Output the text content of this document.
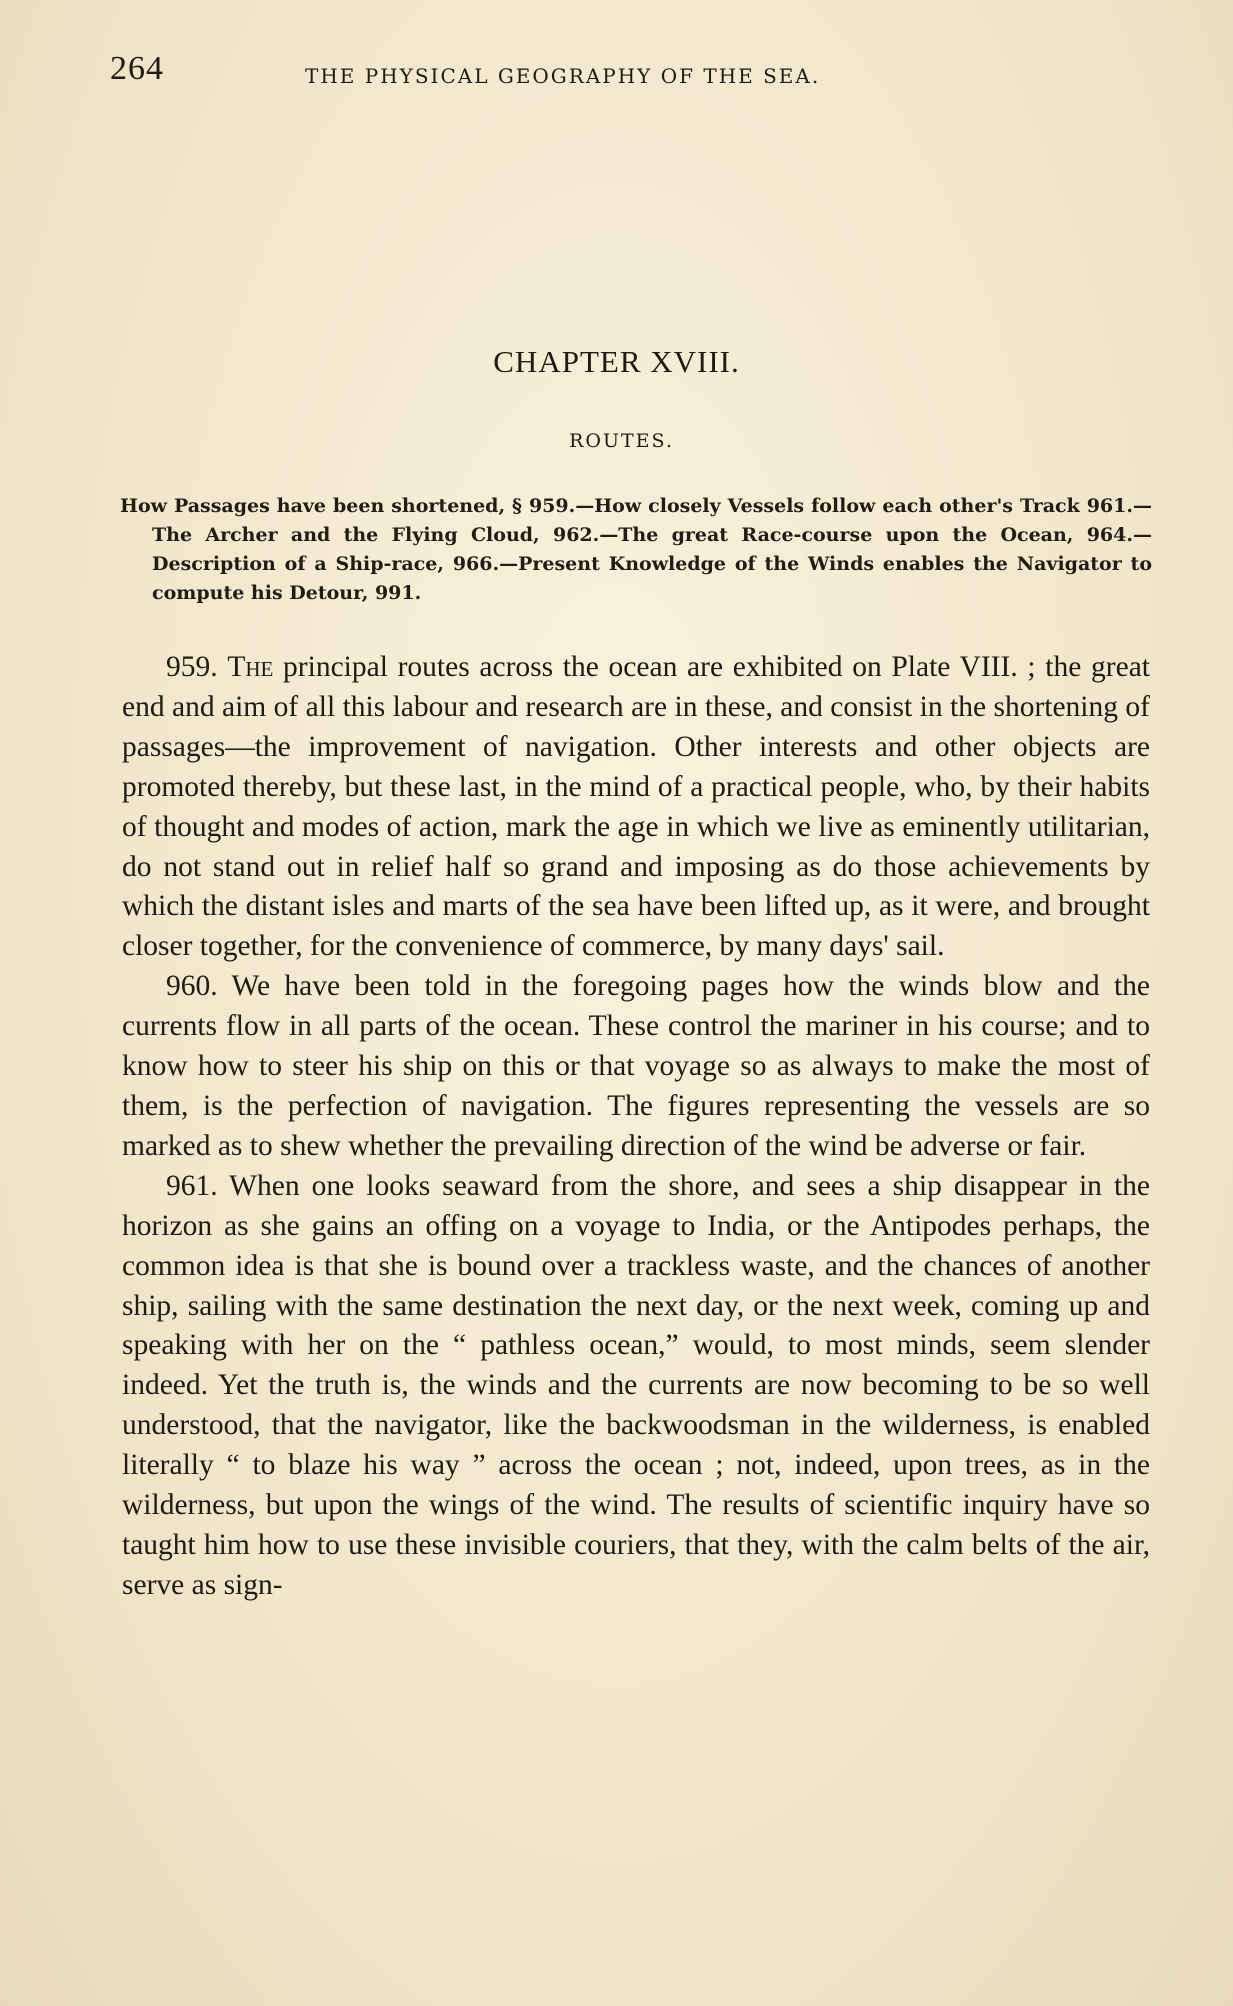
264	THE PHYSICAL GEOGRAPHY OF THE SEA.
CHAPTER XVIII.
ROUTES.
How Passages have been shortened, § 959.—How closely Vessels follow each other's Track 961.—The Archer and the Flying Cloud, 962.—The great Race-course upon the Ocean, 964.—Description of a Ship-race, 966.—Present Knowledge of the Winds enables the Navigator to compute his Detour, 991.

959. The principal routes across the ocean are exhibited on Plate VIII. ; the great end and aim of all this labour and research are in these, and consist in the shortening of passages—the improvement of navigation. Other interests and other objects are promoted thereby, but these last, in the mind of a practical people, who, by their habits of thought and modes of action, mark the age in which we live as eminently utilitarian, do not stand out in relief half so grand and imposing as do those achievements by which the distant isles and marts of the sea have been lifted up, as it were, and brought closer together, for the convenience of commerce, by many days' sail.

960. We have been told in the foregoing pages how the winds blow and the currents flow in all parts of the ocean. These control the mariner in his course; and to know how to steer his ship on this or that voyage so as always to make the most of them, is the perfection of navigation. The figures representing the vessels are so marked as to shew whether the prevailing direction of the wind be adverse or fair.

961. When one looks seaward from the shore, and sees a ship disappear in the horizon as she gains an offing on a voyage to India, or the Antipodes perhaps, the common idea is that she is bound over a trackless waste, and the chances of another ship, sailing with the same destination the next day, or the next week, coming up and speaking with her on the “ pathless ocean,” would, to most minds, seem slender indeed. Yet the truth is, the winds and the currents are now becoming to be so well understood, that the navigator, like the backwoodsman in the wilderness, is enabled literally “ to blaze his way ” across the ocean ; not, indeed, upon trees, as in the wilderness, but upon the wings of the wind. The results of scientific inquiry have so taught him how to use these invisible couriers, that they, with the calm belts of the air, serve as sign-
